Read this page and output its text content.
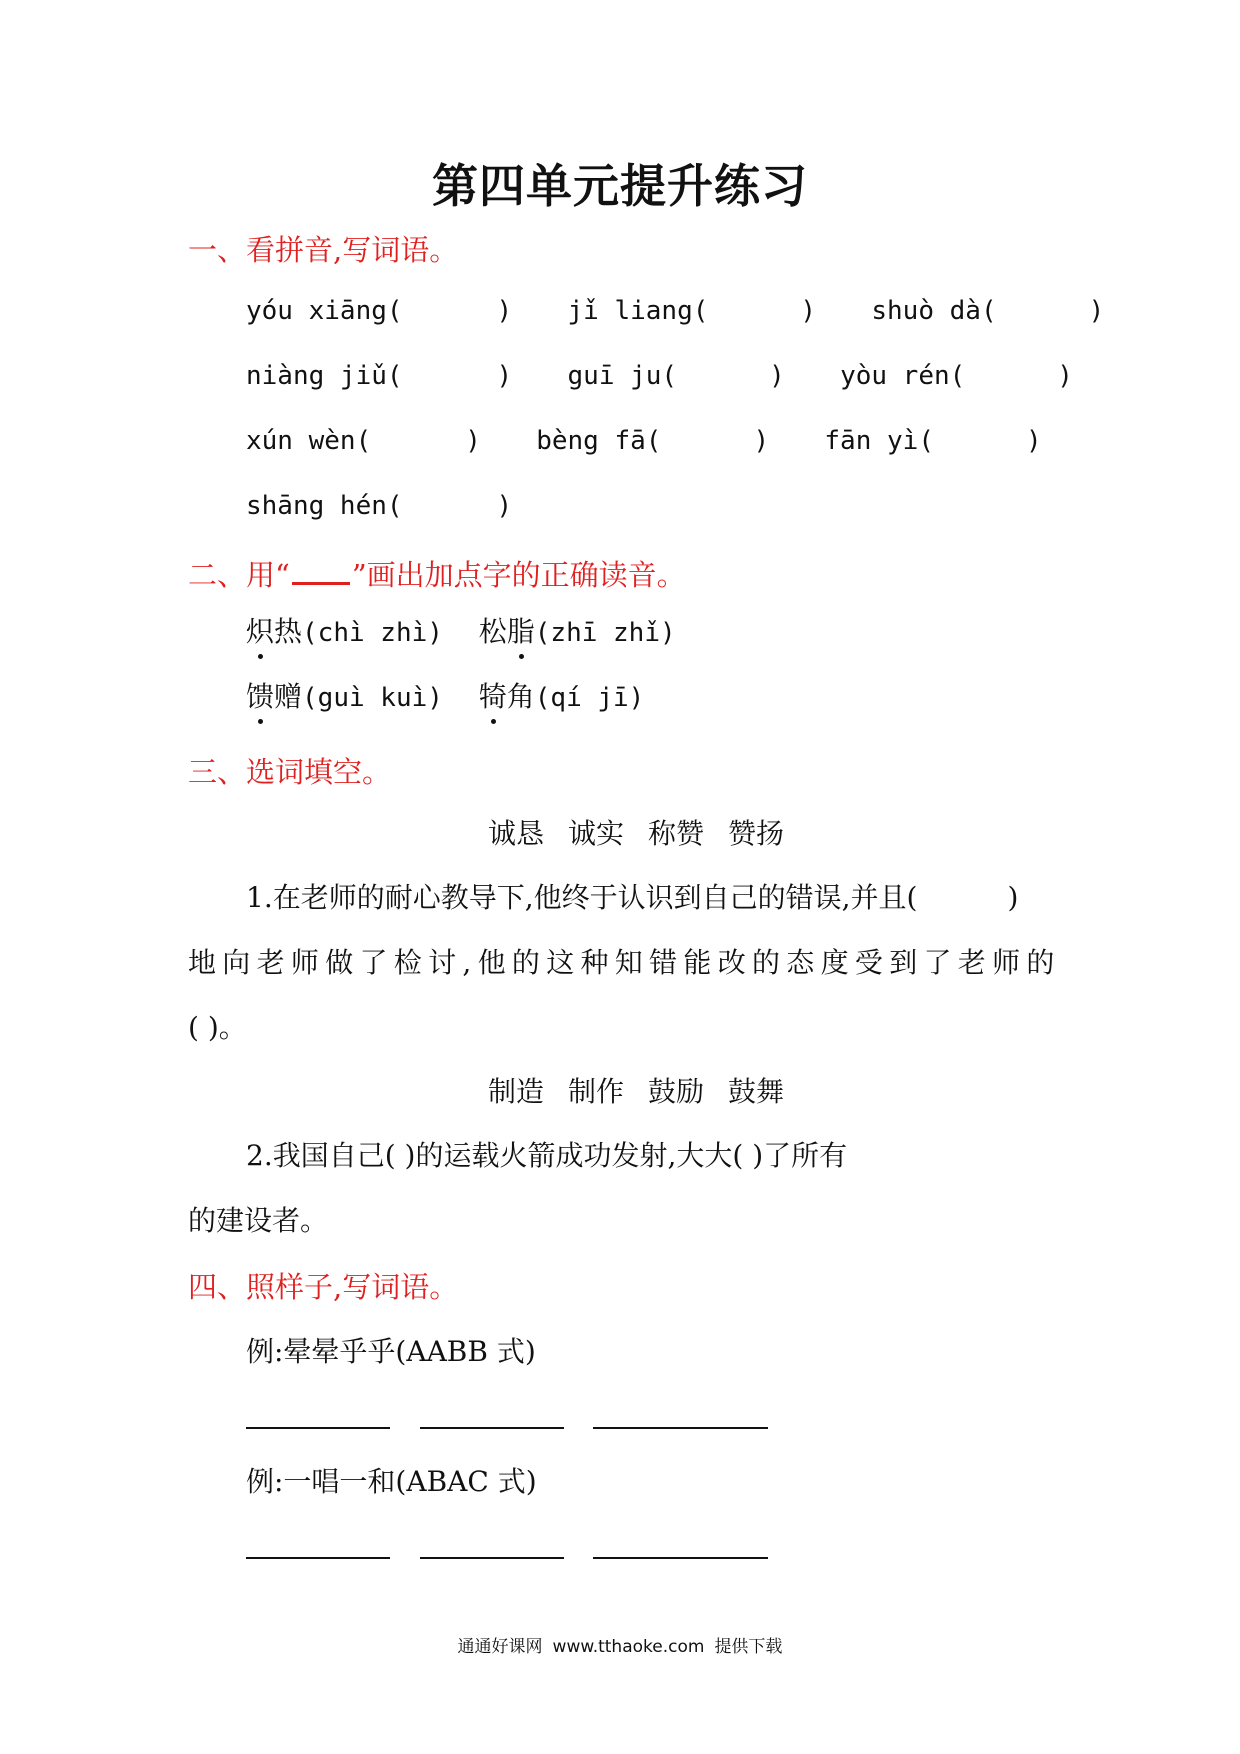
第四单元提升练习
一、看拼音,写词语。
yóu xiāng(	) jǐ liang(	) shuò dà(	)
niàng jiǔ(	) guī ju(	) yòu rén(	)
xún wèn(	) bèng fā(	) fān yì(	)
shāng hén(	)
二、用“ ”画出加点字的正确读音。
炽热(chì zhì) 松脂(zhī zhǐ)
馈赠(guì kuì) 犄角(qí jī)
三、选词填空。
诚恳 诚实 称赞 赞扬
1.在老师的耐心教导下,他终于认识到自己的错误,并且(	)
地向老师做了检讨,他的这种知错能改的态度受到了老师的
( )。
制造 制作 鼓励 鼓舞
2.我国自己( )的运载火箭成功发射,大大( )了所有
的建设者。
四、照样子,写词语。
例:晕晕乎乎(AABB 式)
例:一唱一和(ABAC 式)
通通好课网 www.tthaoke.com 提供下载
